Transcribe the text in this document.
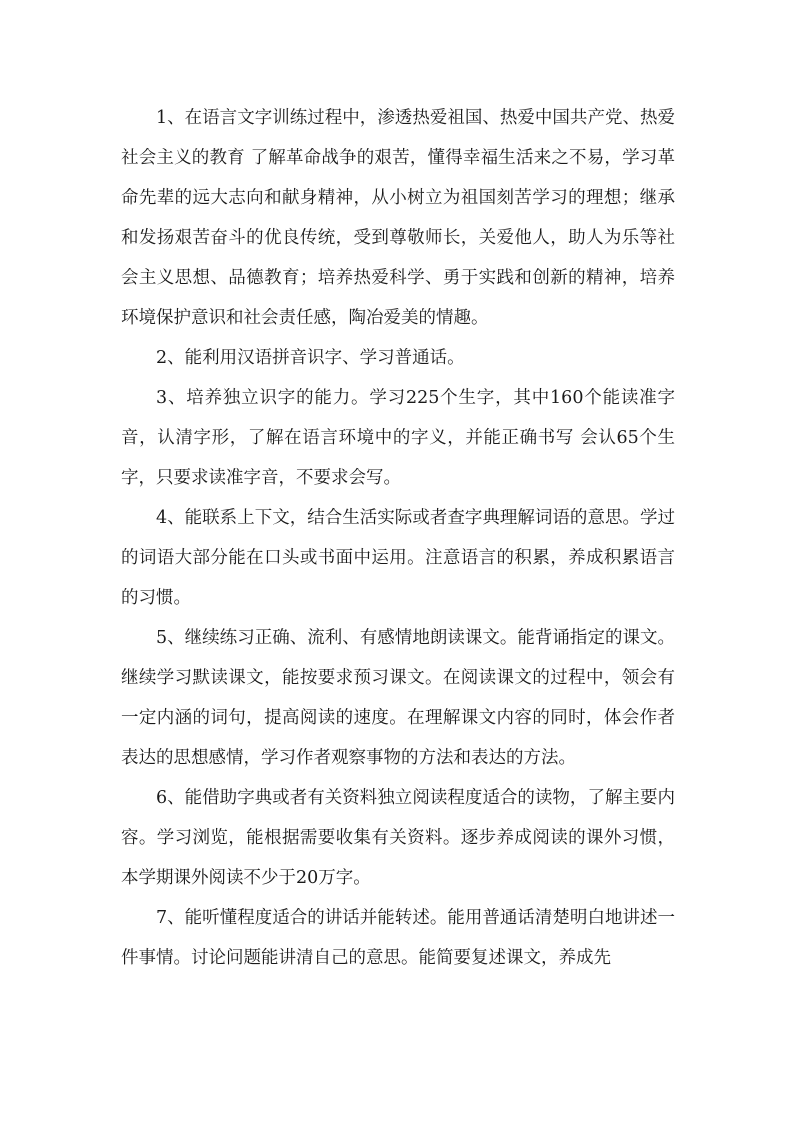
1、在语言文字训练过程中，渗透热爱祖国、热爱中国共产党、热爱社会主义的教育 了解革命战争的艰苦，懂得幸福生活来之不易，学习革命先辈的远大志向和献身精神，从小树立为祖国刻苦学习的理想；继承和发扬艰苦奋斗的优良传统，受到尊敬师长，关爱他人，助人为乐等社会主义思想、品德教育；培养热爱科学、勇于实践和创新的精神，培养环境保护意识和社会责任感，陶冶爱美的情趣。

2、能利用汉语拼音识字、学习普通话。

3、培养独立识字的能力。学习225个生字，其中160个能读准字音，认清字形，了解在语言环境中的字义，并能正确书写 会认65个生字，只要求读准字音，不要求会写。

4、能联系上下文，结合生活实际或者查字典理解词语的意思。学过的词语大部分能在口头或书面中运用。注意语言的积累，养成积累语言的习惯。

5、继续练习正确、流利、有感情地朗读课文。能背诵指定的课文。继续学习默读课文，能按要求预习课文。在阅读课文的过程中，领会有一定内涵的词句，提高阅读的速度。在理解课文内容的同时，体会作者表达的思想感情，学习作者观察事物的方法和表达的方法。

6、能借助字典或者有关资料独立阅读程度适合的读物，了解主要内容。学习浏览，能根据需要收集有关资料。逐步养成阅读的课外习惯，本学期课外阅读不少于20万字。

7、能听懂程度适合的讲话并能转述。能用普通话清楚明白地讲述一件事情。讨论问题能讲清自己的意思。能简要复述课文，养成先
